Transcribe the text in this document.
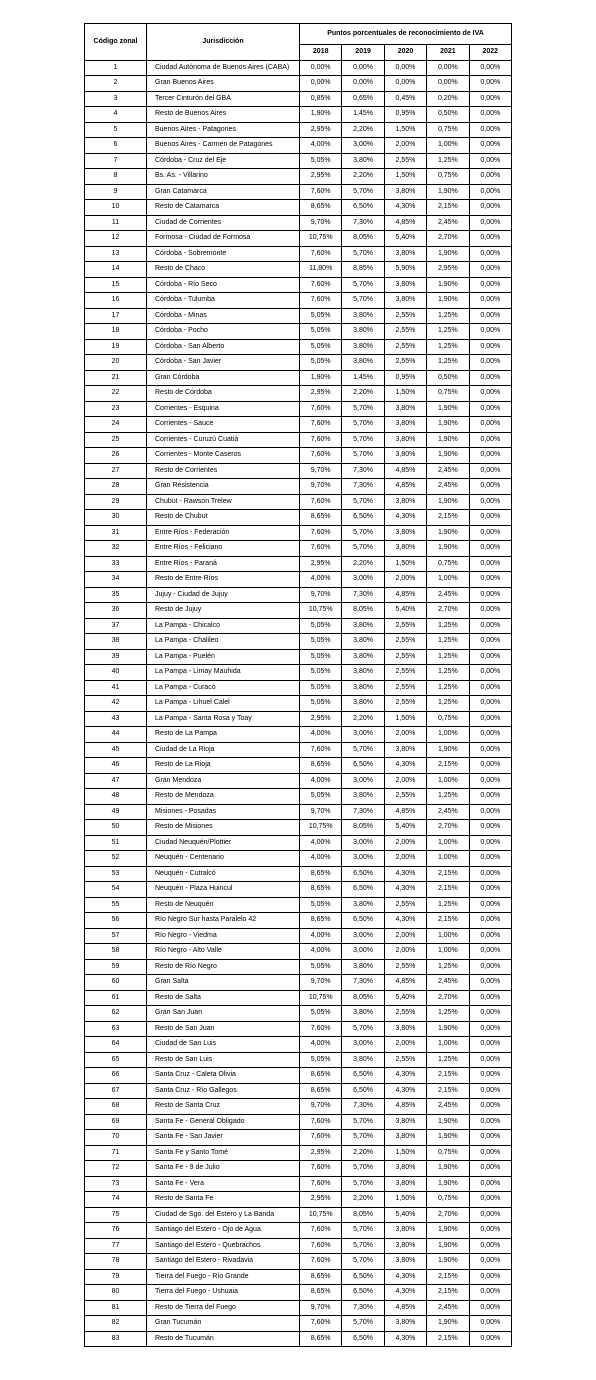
Código zonal	Jurisdicción	Puntos porcentuales de reconocimiento de IVA				
		2018	2019	2020	2021	2022
1	Ciudad Autónoma de Buenos Aires (CABA)	0,00%	0,00%	0,00%	0,00%	0,00%
2	Gran Buenos Aires	0,00%	0,00%	0,00%	0,00%	0,00%
3	Tercer Cinturón del GBA	0,85%	0,65%	0,45%	0,20%	0,00%
4	Resto de Buenos Aires	1,90%	1,45%	0,95%	0,50%	0,00%
5	Buenos Aires - Patagones	2,95%	2,20%	1,50%	0,75%	0,00%
6	Buenos Aires - Carmen de Patagones	4,00%	3,00%	2,00%	1,00%	0,00%
7	Córdoba - Cruz del Eje	5,05%	3,80%	2,55%	1,25%	0,00%
8	Bs. As. - Villarino	2,95%	2,20%	1,50%	0,75%	0,00%
9	Gran Catamarca	7,60%	5,70%	3,80%	1,90%	0,00%
10	Resto de Catamarca	8,65%	6,50%	4,30%	2,15%	0,00%
11	Ciudad de Corrientes	9,70%	7,30%	4,85%	2,45%	0,00%
12	Formosa - Ciudad de Formosa	10,75%	8,05%	5,40%	2,70%	0,00%
13	Córdoba - Sobremonte	7,60%	5,70%	3,80%	1,90%	0,00%
14	Resto de Chaco	11,80%	8,85%	5,90%	2,95%	0,00%
15	Córdoba - Río Seco	7,60%	5,70%	3,80%	1,90%	0,00%
16	Córdoba - Tulumba	7,60%	5,70%	3,80%	1,90%	0,00%
17	Córdoba - Minas	5,05%	3,80%	2,55%	1,25%	0,00%
18	Córdoba - Pocho	5,05%	3,80%	2,55%	1,25%	0,00%
19	Córdoba - San Alberto	5,05%	3,80%	2,55%	1,25%	0,00%
20	Córdoba - San Javier	5,05%	3,80%	2,55%	1,25%	0,00%
21	Gran Córdoba	1,90%	1,45%	0,95%	0,50%	0,00%
22	Resto de Córdoba	2,95%	2,20%	1,50%	0,75%	0,00%
23	Corrientes - Esquina	7,60%	5,70%	3,80%	1,90%	0,00%
24	Corrientes - Sauce	7,60%	5,70%	3,80%	1,90%	0,00%
25	Corrientes - Curuzú Cuatiá	7,60%	5,70%	3,80%	1,90%	0,00%
26	Corrientes - Monte Caseros	7,60%	5,70%	3,80%	1,90%	0,00%
27	Resto de Corrientes	9,70%	7,30%	4,85%	2,45%	0,00%
28	Gran Resistencia	9,70%	7,30%	4,85%	2,45%	0,00%
29	Chubut - Rawson Trelew	7,60%	5,70%	3,80%	1,90%	0,00%
30	Resto de Chubut	8,65%	6,50%	4,30%	2,15%	0,00%
31	Entre Ríos - Federación	7,60%	5,70%	3,80%	1,90%	0,00%
32	Entre Ríos - Feliciano	7,60%	5,70%	3,80%	1,90%	0,00%
33	Entre Ríos - Paraná	2,95%	2,20%	1,50%	0,75%	0,00%
34	Resto de Entre Ríos	4,00%	3,00%	2,00%	1,00%	0,00%
35	Jujuy - Ciudad de Jujuy	9,70%	7,30%	4,85%	2,45%	0,00%
36	Resto de Jujuy	10,75%	8,05%	5,40%	2,70%	0,00%
37	La Pampa - Chicalco	5,05%	3,80%	2,55%	1,25%	0,00%
38	La Pampa - Chalileo	5,05%	3,80%	2,55%	1,25%	0,00%
39	La Pampa - Puelén	5,05%	3,80%	2,55%	1,25%	0,00%
40	La Pampa - Limay Mauhida	5,05%	3,80%	2,55%	1,25%	0,00%
41	La Pampa - Curacó	5,05%	3,80%	2,55%	1,25%	0,00%
42	La Pampa - Lihuel Calel	5,05%	3,80%	2,55%	1,25%	0,00%
43	La Pampa - Santa Rosa y Toay	2,95%	2,20%	1,50%	0,75%	0,00%
44	Resto de La Pampa	4,00%	3,00%	2,00%	1,00%	0,00%
45	Ciudad de La Rioja	7,60%	5,70%	3,80%	1,90%	0,00%
46	Resto de La Rioja	8,65%	6,50%	4,30%	2,15%	0,00%
47	Gran Mendoza	4,00%	3,00%	2,00%	1,00%	0,00%
48	Resto de Mendoza	5,05%	3,80%	2,55%	1,25%	0,00%
49	Misiones - Posadas	9,70%	7,30%	4,85%	2,45%	0,00%
50	Resto de Misiones	10,75%	8,05%	5,40%	2,70%	0,00%
51	Ciudad Neuquén/Plottier	4,00%	3,00%	2,00%	1,00%	0,00%
52	Neuquén - Centenario	4,00%	3,00%	2,00%	1,00%	0,00%
53	Neuquén - Cutralcó	8,65%	6,50%	4,30%	2,15%	0,00%
54	Neuquén - Plaza Huincul	8,65%	6,50%	4,30%	2,15%	0,00%
55	Resto de Neuquén	5,05%	3,80%	2,55%	1,25%	0,00%
56	Río Negro Sur hasta Paralelo 42	8,65%	6,50%	4,30%	2,15%	0,00%
57	Río Negro - Viedma	4,00%	3,00%	2,00%	1,00%	0,00%
58	Río Negro - Alto Valle	4,00%	3,00%	2,00%	1,00%	0,00%
59	Resto de Río Negro	5,05%	3,80%	2,55%	1,25%	0,00%
60	Gran Salta	9,70%	7,30%	4,85%	2,45%	0,00%
61	Resto de Salta	10,75%	8,05%	5,40%	2,70%	0,00%
62	Gran San Juan	5,05%	3,80%	2,55%	1,25%	0,00%
63	Resto de San Juan	7,60%	5,70%	3,80%	1,90%	0,00%
64	Ciudad de San Luis	4,00%	3,00%	2,00%	1,00%	0,00%
65	Resto de San Luis	5,05%	3,80%	2,55%	1,25%	0,00%
66	Santa Cruz - Caleta Olivia	8,65%	6,50%	4,30%	2,15%	0,00%
67	Santa Cruz - Río Gallegos	8,65%	6,50%	4,30%	2,15%	0,00%
68	Resto de Santa Cruz	9,70%	7,30%	4,85%	2,45%	0,00%
69	Santa Fe - General Obligado	7,60%	5,70%	3,80%	1,90%	0,00%
70	Santa Fe - San Javier	7,60%	5,70%	3,80%	1,90%	0,00%
71	Santa Fe y Santo Tomé	2,95%	2,20%	1,50%	0,75%	0,00%
72	Santa Fe - 9 de Julio	7,60%	5,70%	3,80%	1,90%	0,00%
73	Santa Fe - Vera	7,60%	5,70%	3,80%	1,90%	0,00%
74	Resto de Santa Fe	2,95%	2,20%	1,50%	0,75%	0,00%
75	Ciudad de Sgo. del Estero y La Banda	10,75%	8,05%	5,40%	2,70%	0,00%
76	Santiago del Estero - Ojo de Agua	7,60%	5,70%	3,80%	1,90%	0,00%
77	Santiago del Estero - Quebrachos	7,60%	5,70%	3,80%	1,90%	0,00%
78	Santiago del Estero - Rivadavia	7,60%	5,70%	3,80%	1,90%	0,00%
79	Tierra del Fuego - Río Grande	8,65%	6,50%	4,30%	2,15%	0,00%
80	Tierra del Fuego - Ushuaia	8,65%	6,50%	4,30%	2,15%	0,00%
81	Resto de Tierra del Fuego	9,70%	7,30%	4,85%	2,45%	0,00%
82	Gran Tucumán	7,60%	5,70%	3,80%	1,90%	0,00%
83	Resto de Tucumán	8,65%	6,50%	4,30%	2,15%	0,00%
